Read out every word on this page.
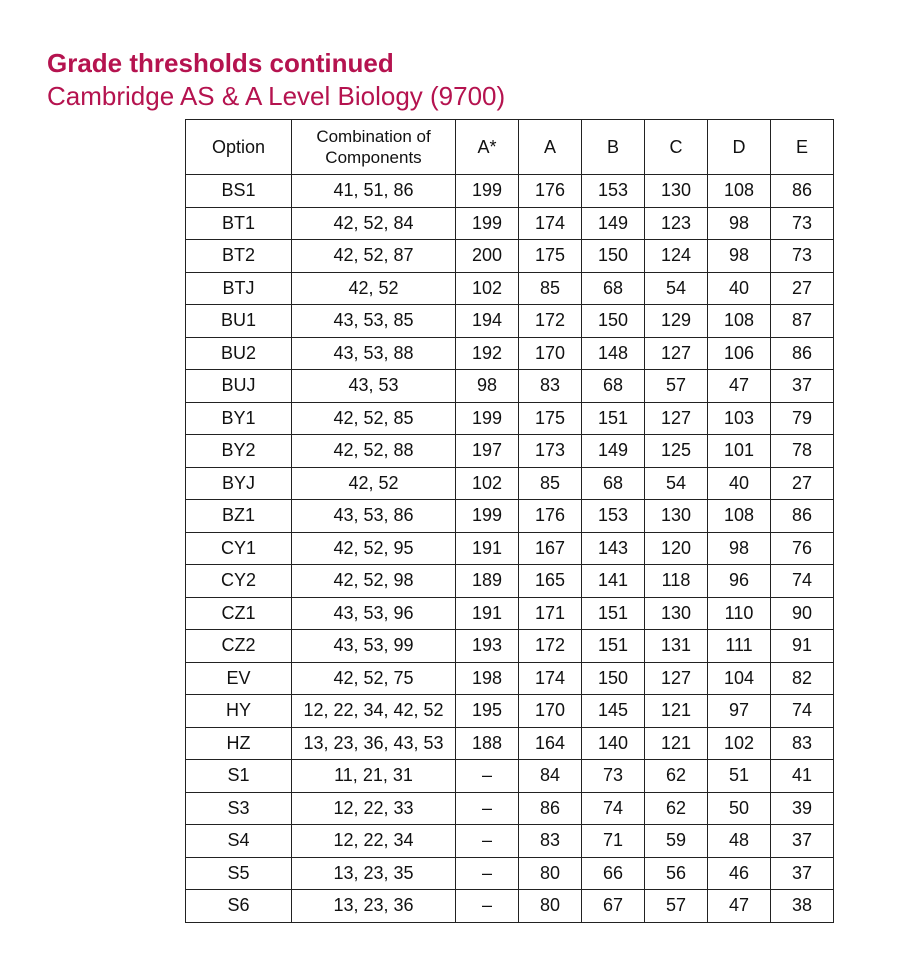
Grade thresholds continued
Cambridge AS & A Level Biology (9700)
Option	Combination of Components	A*	A	B	C	D	E
BS1	41, 51, 86	199	176	153	130	108	86
BT1	42, 52, 84	199	174	149	123	98	73
BT2	42, 52, 87	200	175	150	124	98	73
BTJ	42, 52	102	85	68	54	40	27
BU1	43, 53, 85	194	172	150	129	108	87
BU2	43, 53, 88	192	170	148	127	106	86
BUJ	43, 53	98	83	68	57	47	37
BY1	42, 52, 85	199	175	151	127	103	79
BY2	42, 52, 88	197	173	149	125	101	78
BYJ	42, 52	102	85	68	54	40	27
BZ1	43, 53, 86	199	176	153	130	108	86
CY1	42, 52, 95	191	167	143	120	98	76
CY2	42, 52, 98	189	165	141	118	96	74
CZ1	43, 53, 96	191	171	151	130	110	90
CZ2	43, 53, 99	193	172	151	131	111	91
EV	42, 52, 75	198	174	150	127	104	82
HY	12, 22, 34, 42, 52	195	170	145	121	97	74
HZ	13, 23, 36, 43, 53	188	164	140	121	102	83
S1	11, 21, 31	–	84	73	62	51	41
S3	12, 22, 33	–	86	74	62	50	39
S4	12, 22, 34	–	83	71	59	48	37
S5	13, 23, 35	–	80	66	56	46	37
S6	13, 23, 36	–	80	67	57	47	38
